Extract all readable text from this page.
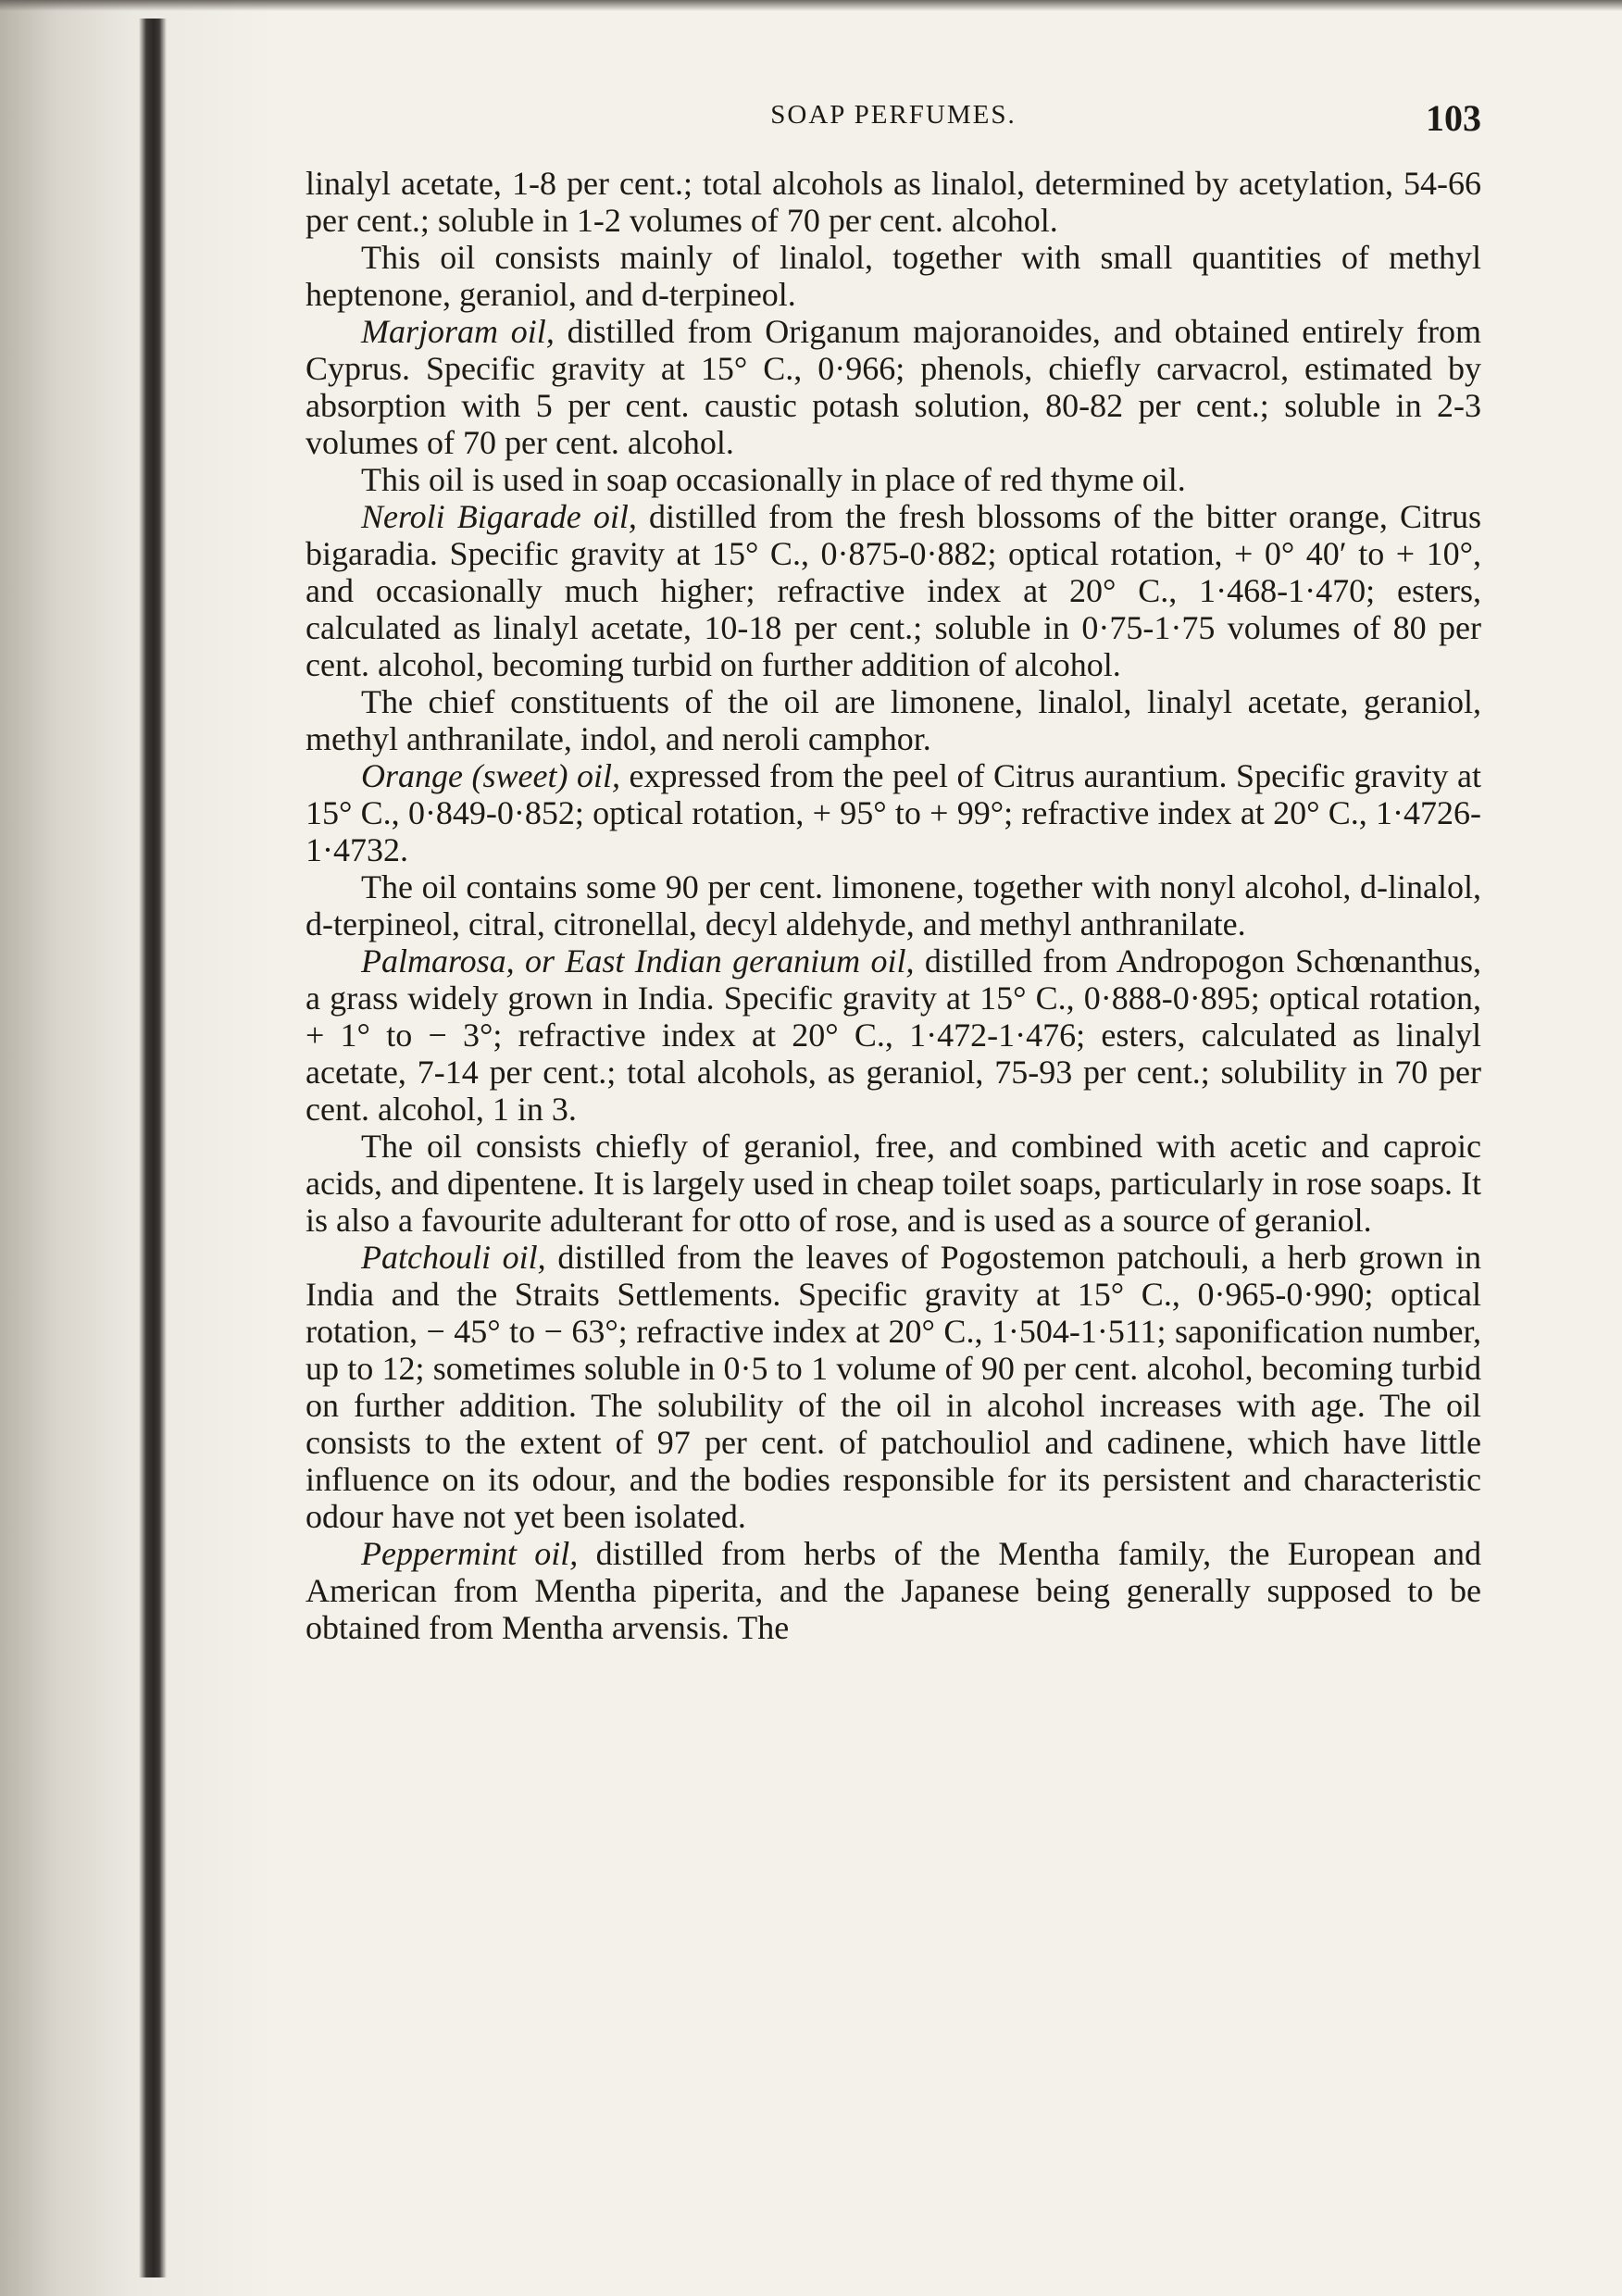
SOAP PERFUMES.	103

linalyl acetate, 1-8 per cent.; total alcohols as linalol, determined by acetylation, 54-66 per cent.; soluble in 1-2 volumes of 70 per cent. alcohol.

This oil consists mainly of linalol, together with small quantities of methyl heptenone, geraniol, and d-terpineol.

Marjoram oil, distilled from Origanum majoranoides, and obtained entirely from Cyprus. Specific gravity at 15° C., 0·966; phenols, chiefly carvacrol, estimated by absorption with 5 per cent. caustic potash solution, 80-82 per cent.; soluble in 2-3 volumes of 70 per cent. alcohol.

This oil is used in soap occasionally in place of red thyme oil.

Neroli Bigarade oil, distilled from the fresh blossoms of the bitter orange, Citrus bigaradia. Specific gravity at 15° C., 0·875-0·882; optical rotation, + 0° 40′ to + 10°, and occasionally much higher; refractive index at 20° C., 1·468-1·470; esters, calculated as linalyl acetate, 10-18 per cent.; soluble in 0·75-1·75 volumes of 80 per cent. alcohol, becoming turbid on further addition of alcohol.

The chief constituents of the oil are limonene, linalol, linalyl acetate, geraniol, methyl anthranilate, indol, and neroli camphor.

Orange (sweet) oil, expressed from the peel of Citrus aurantium. Specific gravity at 15° C., 0·849-0·852; optical rotation, + 95° to + 99°; refractive index at 20° C., 1·4726-1·4732.

The oil contains some 90 per cent. limonene, together with nonyl alcohol, d-linalol, d-terpineol, citral, citronellal, decyl aldehyde, and methyl anthranilate.

Palmarosa, or East Indian geranium oil, distilled from Andropogon Schœnanthus, a grass widely grown in India. Specific gravity at 15° C., 0·888-0·895; optical rotation, + 1° to − 3°; refractive index at 20° C., 1·472-1·476; esters, calculated as linalyl acetate, 7-14 per cent.; total alcohols, as geraniol, 75-93 per cent.; solubility in 70 per cent. alcohol, 1 in 3.

The oil consists chiefly of geraniol, free, and combined with acetic and caproic acids, and dipentene. It is largely used in cheap toilet soaps, particularly in rose soaps. It is also a favourite adulterant for otto of rose, and is used as a source of geraniol.

Patchouli oil, distilled from the leaves of Pogostemon patchouli, a herb grown in India and the Straits Settlements. Specific gravity at 15° C., 0·965-0·990; optical rotation, − 45° to − 63°; refractive index at 20° C., 1·504-1·511; saponification number, up to 12; sometimes soluble in 0·5 to 1 volume of 90 per cent. alcohol, becoming turbid on further addition. The solubility of the oil in alcohol increases with age. The oil consists to the extent of 97 per cent. of patchouliol and cadinene, which have little influence on its odour, and the bodies responsible for its persistent and characteristic odour have not yet been isolated.

Peppermint oil, distilled from herbs of the Mentha family, the European and American from Mentha piperita, and the Japanese being generally supposed to be obtained from Mentha arvensis. The
